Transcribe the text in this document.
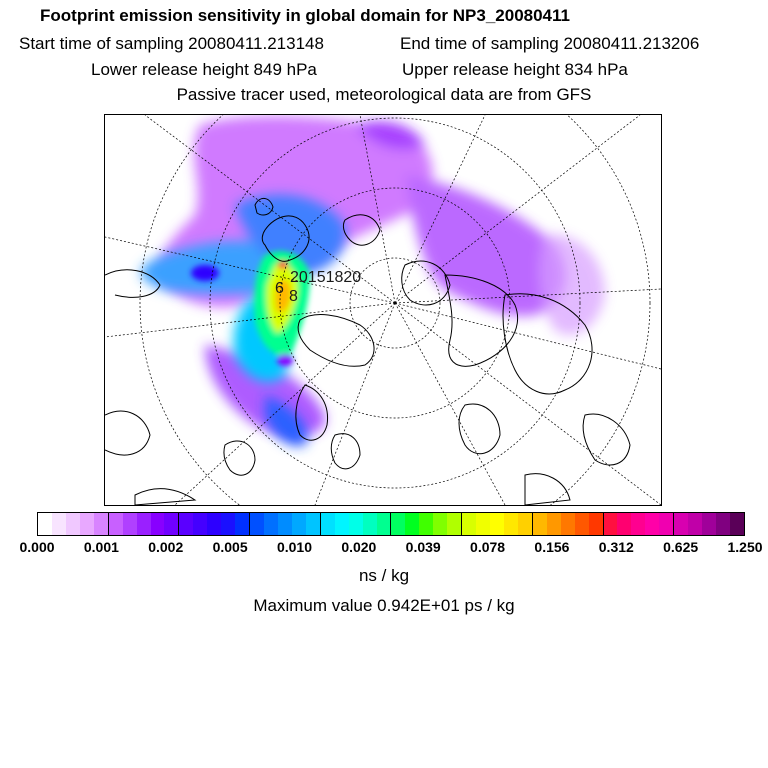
Footprint emission sensitivity in global domain for NP3_20080411
Start time of sampling 20080411.213148	End time of sampling 20080411.213206
Lower release height 849 hPa	Upper release height 834 hPa
Passive tracer used, meteorological data are from GFS
20151820
6 8
ns / kg
Maximum value 0.942E+01 ps / kg
0.000 0.001 0.002 0.005 0.010 0.020 0.039 0.078 0.156 0.312 0.625 1.250
